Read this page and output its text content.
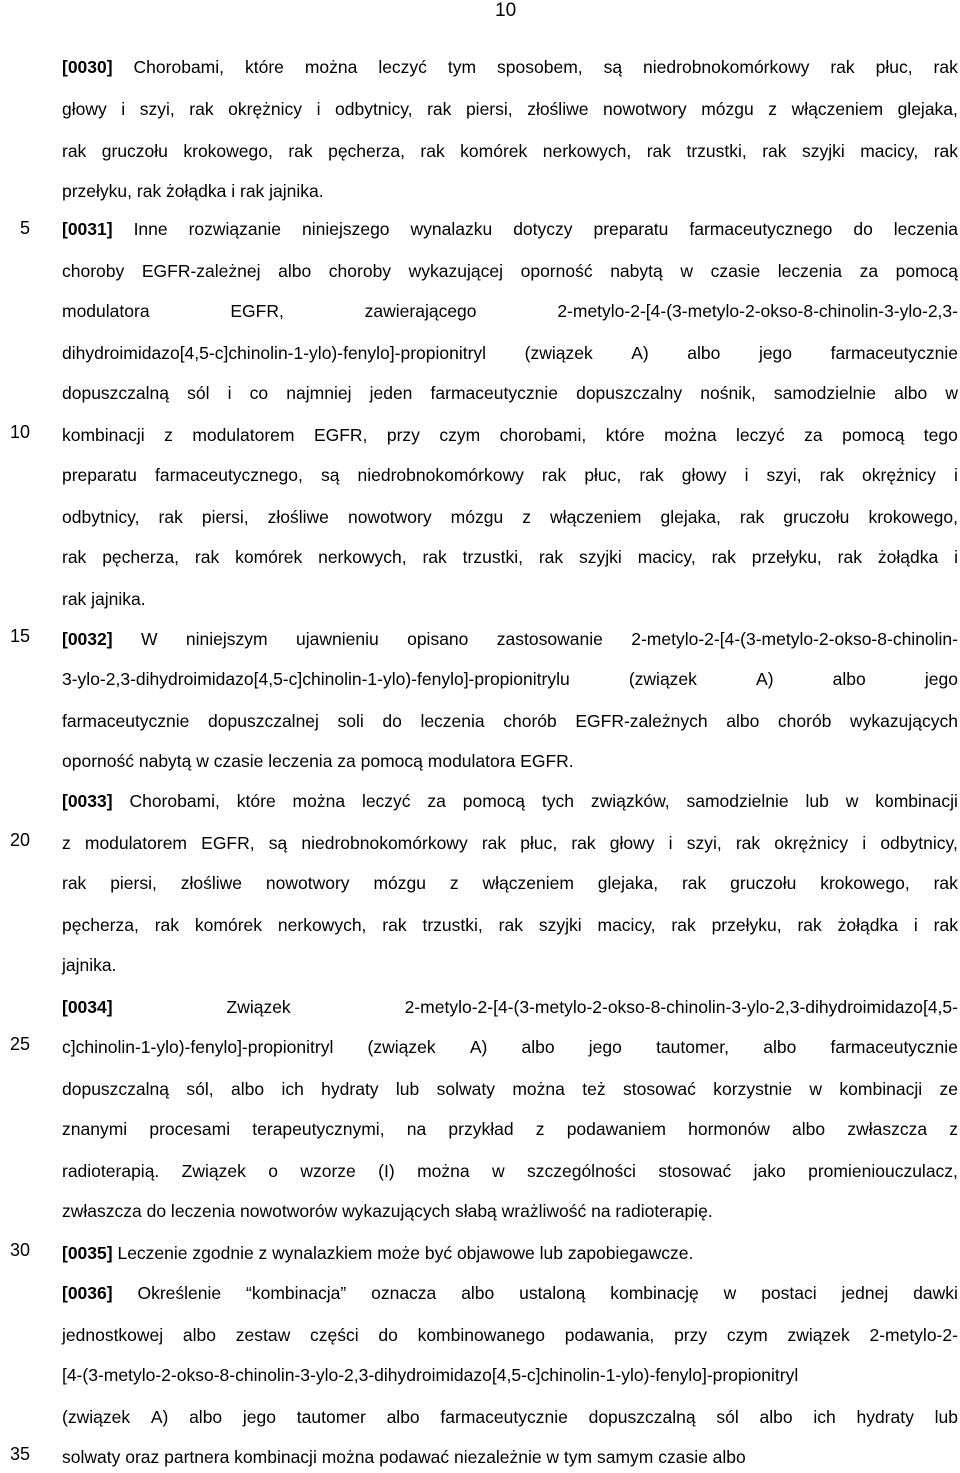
10
5
10
15
20
25
30
35
[0030] Chorobami, które można leczyć tym sposobem, są niedrobnokomórkowy rak płuc, rak
głowy i szyi, rak okrężnicy i odbytnicy, rak piersi, złośliwe nowotwory mózgu z włączeniem glejaka,
rak gruczołu krokowego, rak pęcherza, rak komórek nerkowych, rak trzustki, rak szyjki macicy, rak
przełyku, rak żołądka i rak jajnika.
[0031] Inne rozwiązanie niniejszego wynalazku dotyczy preparatu farmaceutycznego do leczenia
choroby EGFR-zależnej albo choroby wykazującej oporność nabytą w czasie leczenia za pomocą
modulatora	EGFR,	zawierającego	2-metylo-2-[4-(3-metylo-2-okso-8-chinolin-3-ylo-2,3-
dihydroimidazo[4,5-c]chinolin-1-ylo)-fenylo]-propionitryl (związek A) albo jego farmaceutycznie
dopuszczalną sól i co najmniej jeden farmaceutycznie dopuszczalny nośnik, samodzielnie albo w
kombinacji z modulatorem EGFR, przy czym chorobami, które można leczyć za pomocą tego
preparatu farmaceutycznego, są niedrobnokomórkowy rak płuc, rak głowy i szyi, rak okrężnicy i
odbytnicy, rak piersi, złośliwe nowotwory mózgu z włączeniem glejaka, rak gruczołu krokowego,
rak pęcherza, rak komórek nerkowych, rak trzustki, rak szyjki macicy, rak przełyku, rak żołądka i
rak jajnika.
[0032] W niniejszym ujawnieniu opisano zastosowanie 2-metylo-2-[4-(3-metylo-2-okso-8-chinolin-
3-ylo-2,3-dihydroimidazo[4,5-c]chinolin-1-ylo)-fenylo]-propionitrylu	(związek	A)	albo	jego
farmaceutycznie dopuszczalnej soli do leczenia chorób EGFR-zależnych albo chorób wykazujących
oporność nabytą w czasie leczenia za pomocą modulatora EGFR.
[0033] Chorobami, które można leczyć za pomocą tych związków, samodzielnie lub w kombinacji
z modulatorem EGFR, są niedrobnokomórkowy rak płuc, rak głowy i szyi, rak okrężnicy i odbytnicy,
rak piersi, złośliwe nowotwory mózgu z włączeniem glejaka, rak gruczołu krokowego, rak
pęcherza, rak komórek nerkowych, rak trzustki, rak szyjki macicy, rak przełyku, rak żołądka i rak
jajnika.
[0034]	Związek	2-metylo-2-[4-(3-metylo-2-okso-8-chinolin-3-ylo-2,3-dihydroimidazo[4,5-
c]chinolin-1-ylo)-fenylo]-propionitryl (związek A) albo jego tautomer, albo farmaceutycznie
dopuszczalną sól, albo ich hydraty lub solwaty można też stosować korzystnie w kombinacji ze
znanymi procesami terapeutycznymi, na przykład z podawaniem hormonów albo zwłaszcza z
radioterapią. Związek o wzorze (I) można w szczególności stosować jako promieniouczulacz,
zwłaszcza do leczenia nowotworów wykazujących słabą wrażliwość na radioterapię.
[0035] Leczenie zgodnie z wynalazkiem może być objawowe lub zapobiegawcze.
[0036] Określenie “kombinacja” oznacza albo ustaloną kombinację w postaci jednej dawki
jednostkowej albo zestaw części do kombinowanego podawania, przy czym związek 2-metylo-2-
[4-(3-metylo-2-okso-8-chinolin-3-ylo-2,3-dihydroimidazo[4,5-c]chinolin-1-ylo)-fenylo]-propionitryl
(związek A) albo jego tautomer albo farmaceutycznie dopuszczalną sól albo ich hydraty lub
solwaty oraz partnera kombinacji można podawać niezależnie w tym samym czasie albo
